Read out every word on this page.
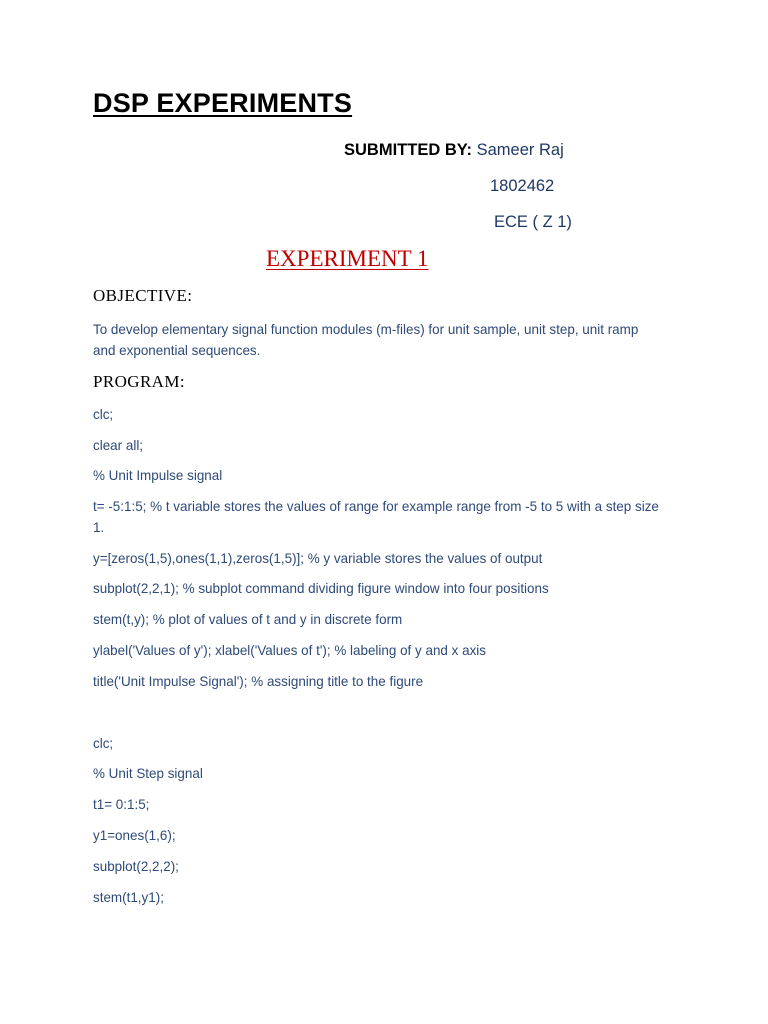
DSP EXPERIMENTS
SUBMITTED BY: Sameer Raj
1802462
ECE ( Z 1)
EXPERIMENT 1
OBJECTIVE:
To develop elementary signal function modules (m-files) for unit sample, unit step, unit ramp and exponential sequences.
PROGRAM:
clc;
clear all;
% Unit Impulse signal
t= -5:1:5; % t variable stores the values of range for example range from -5 to 5 with a step size 1.
y=[zeros(1,5),ones(1,1),zeros(1,5)]; % y variable stores the values of output
subplot(2,2,1); % subplot command dividing figure window into four positions
stem(t,y); % plot of values of t and y in discrete form
ylabel('Values of y'); xlabel('Values of t'); % labeling of y and x axis
title('Unit Impulse Signal'); % assigning title to the figure
clc;
% Unit Step signal
t1= 0:1:5;
y1=ones(1,6);
subplot(2,2,2);
stem(t1,y1);
